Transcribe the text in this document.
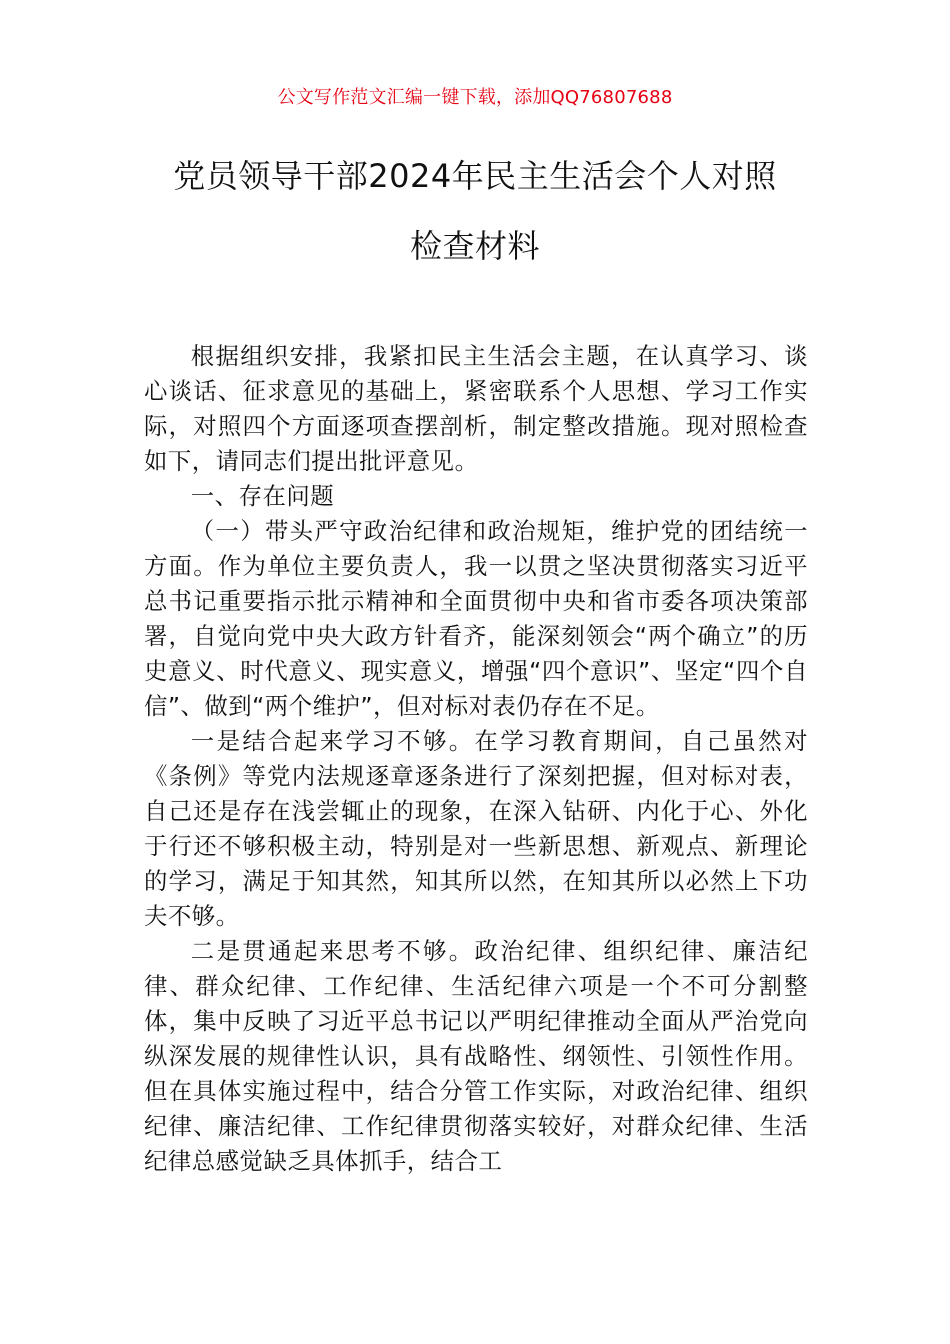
公文写作范文汇编一键下载，添加QQ76807688
党员领导干部2024年民主生活会个人对照
检查材料

根据组织安排，我紧扣民主生活会主题，在认真学习、谈心谈话、征求意见的基础上，紧密联系个人思想、学习工作实际，对照四个方面逐项查摆剖析，制定整改措施。现对照检查如下，请同志们提出批评意见。

一、存在问题

（一）带头严守政治纪律和政治规矩，维护党的团结统一方面。作为单位主要负责人，我一以贯之坚决贯彻落实习近平总书记重要指示批示精神和全面贯彻中央和省市委各项决策部署，自觉向党中央大政方针看齐，能深刻领会“两个确立”的历史意义、时代意义、现实意义，增强“四个意识”、坚定“四个自信”、做到“两个维护”，但对标对表仍存在不足。

一是结合起来学习不够。在学习教育期间，自己虽然对《条例》等党内法规逐章逐条进行了深刻把握，但对标对表，自己还是存在浅尝辄止的现象，在深入钻研、内化于心、外化于行还不够积极主动，特别是对一些新思想、新观点、新理论的学习，满足于知其然，知其所以然，在知其所以必然上下功夫不够。

二是贯通起来思考不够。政治纪律、组织纪律、廉洁纪律、群众纪律、工作纪律、生活纪律六项是一个不可分割整体，集中反映了习近平总书记以严明纪律推动全面从严治党向纵深发展的规律性认识，具有战略性、纲领性、引领性作用。但在具体实施过程中，结合分管工作实际，对政治纪律、组织纪律、廉洁纪律、工作纪律贯彻落实较好，对群众纪律、生活纪律总感觉缺乏具体抓手，结合工
